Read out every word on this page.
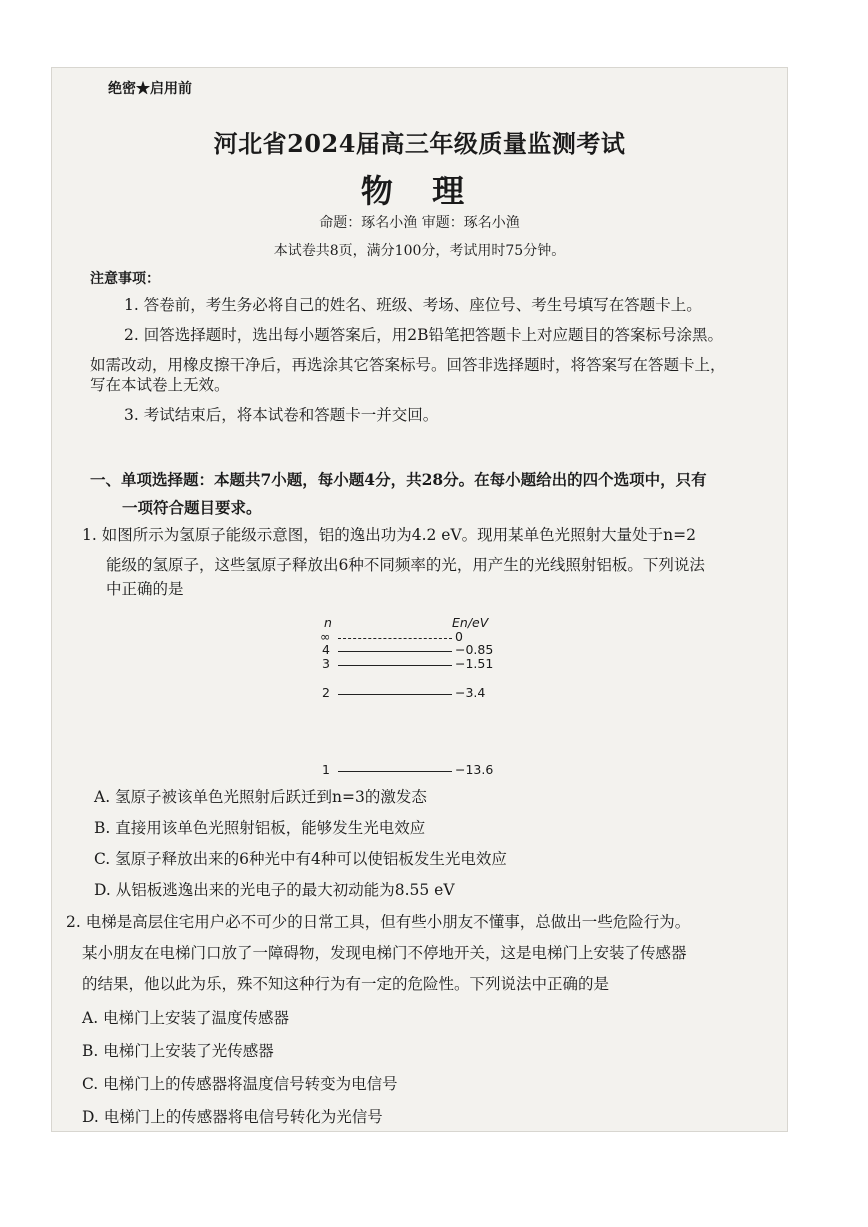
绝密★启用前
河北省2024届高三年级质量监测考试
物 理
命题：琢名小渔 审题：琢名小渔
本试卷共8页，满分100分，考试用时75分钟。
注意事项：
1. 答卷前，考生务必将自己的姓名、班级、考场、座位号、考生号填写在答题卡上。
2. 回答选择题时，选出每小题答案后，用2B铅笔把答题卡上对应题目的答案标号涂黑。
如需改动，用橡皮擦干净后，再选涂其它答案标号。回答非选择题时，将答案写在答题卡上，
写在本试卷上无效。
3. 考试结束后，将本试卷和答题卡一并交回。
一、单项选择题：本题共7小题，每小题4分，共28分。在每小题给出的四个选项中，只有
一项符合题目要求。
1. 如图所示为氢原子能级示意图，铝的逸出功为4.2 eV。现用某单色光照射大量处于n=2
能级的氢原子，这些氢原子释放出6种不同频率的光，用产生的光线照射铝板。下列说法
中正确的是
n	En/eV
∞	0
4	−0.85
3	−1.51
2	−3.4
1	−13.6
A. 氢原子被该单色光照射后跃迁到n=3的激发态
B. 直接用该单色光照射铝板，能够发生光电效应
C. 氢原子释放出来的6种光中有4种可以使铝板发生光电效应
D. 从铝板逃逸出来的光电子的最大初动能为8.55 eV
2. 电梯是高层住宅用户必不可少的日常工具，但有些小朋友不懂事，总做出一些危险行为。
某小朋友在电梯门口放了一障碍物，发现电梯门不停地开关，这是电梯门上安装了传感器
的结果，他以此为乐，殊不知这种行为有一定的危险性。下列说法中正确的是
A. 电梯门上安装了温度传感器
B. 电梯门上安装了光传感器
C. 电梯门上的传感器将温度信号转变为电信号
D. 电梯门上的传感器将电信号转化为光信号
